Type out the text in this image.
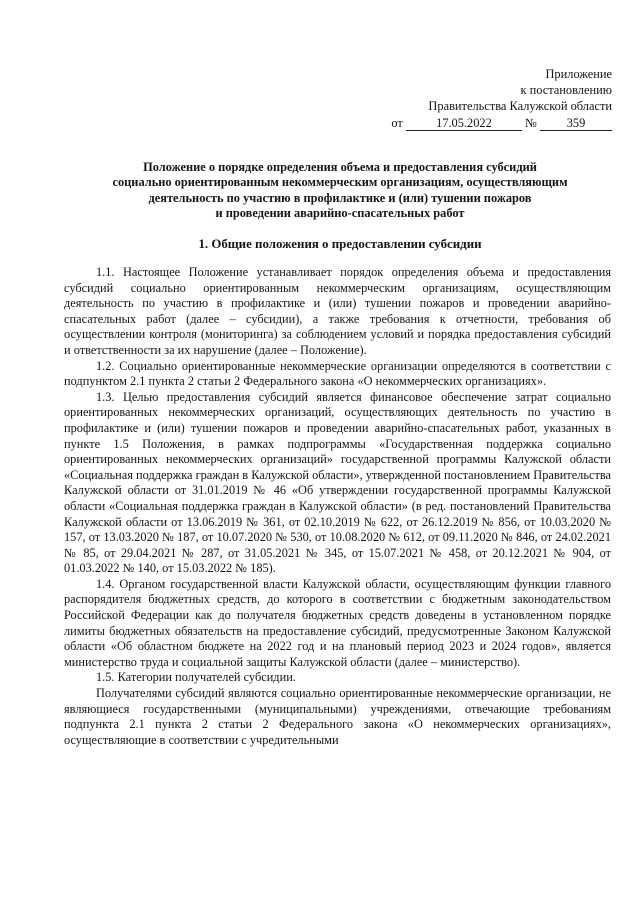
Приложение
к постановлению
Правительства Калужской области
от	17.05.2022	№ 359
Положение о порядке определения объема и предоставления субсидий
социально ориентированным некоммерческим организациям, осуществляющим
деятельность по участию в профилактике и (или) тушении пожаров
и проведении аварийно-спасательных работ
1. Общие положения о предоставлении субсидии

1.1. Настоящее Положение устанавливает порядок определения объема и предоставления субсидий социально ориентированным некоммерческим организациям, осуществляющим деятельность по участию в профилактике и (или) тушении пожаров и проведении аварийно-спасательных работ (далее – субсидии), а также требования к отчетности, требования об осуществлении контроля (мониторинга) за соблюдением условий и порядка предоставления субсидий и ответственности за их нарушение (далее – Положение).

1.2. Социально ориентированные некоммерческие организации определяются в соответствии с подпунктом 2.1 пункта 2 статьи 2 Федерального закона «О некоммерческих организациях».

1.3. Целью предоставления субсидий является финансовое обеспечение затрат социально ориентированных некоммерческих организаций, осуществляющих деятельность по участию в профилактике и (или) тушении пожаров и проведении аварийно-спасательных работ, указанных в пункте 1.5 Положения, в рамках подпрограммы «Государственная поддержка социально ориентированных некоммерческих организаций» государственной программы Калужской области «Социальная поддержка граждан в Калужской области», утвержденной постановлением Правительства Калужской области от 31.01.2019 № 46 «Об утверждении государственной программы Калужской области «Социальная поддержка граждан в Калужской области» (в ред. постановлений Правительства Калужской области от 13.06.2019 № 361, от 02.10.2019 № 622, от 26.12.2019 № 856, от 10.03.2020 № 157, от 13.03.2020 № 187, от 10.07.2020 № 530, от 10.08.2020 № 612, от 09.11.2020 № 846, от 24.02.2021 № 85, от 29.04.2021 № 287, от 31.05.2021 № 345, от 15.07.2021 № 458, от 20.12.2021 № 904, от 01.03.2022 № 140, от 15.03.2022 № 185).

1.4. Органом государственной власти Калужской области, осуществляющим функции главного распорядителя бюджетных средств, до которого в соответствии с бюджетным законодательством Российской Федерации как до получателя бюджетных средств доведены в установленном порядке лимиты бюджетных обязательств на предоставление субсидий, предусмотренные Законом Калужской области «Об областном бюджете на 2022 год и на плановый период 2023 и 2024 годов», является министерство труда и социальной защиты Калужской области (далее – министерство).

1.5. Категории получателей субсидии.

Получателями субсидий являются социально ориентированные некоммерческие организации, не являющиеся государственными (муниципальными) учреждениями, отвечающие требованиям подпункта 2.1 пункта 2 статьи 2 Федерального закона «О некоммерческих организациях», осуществляющие в соответствии с учредительными
